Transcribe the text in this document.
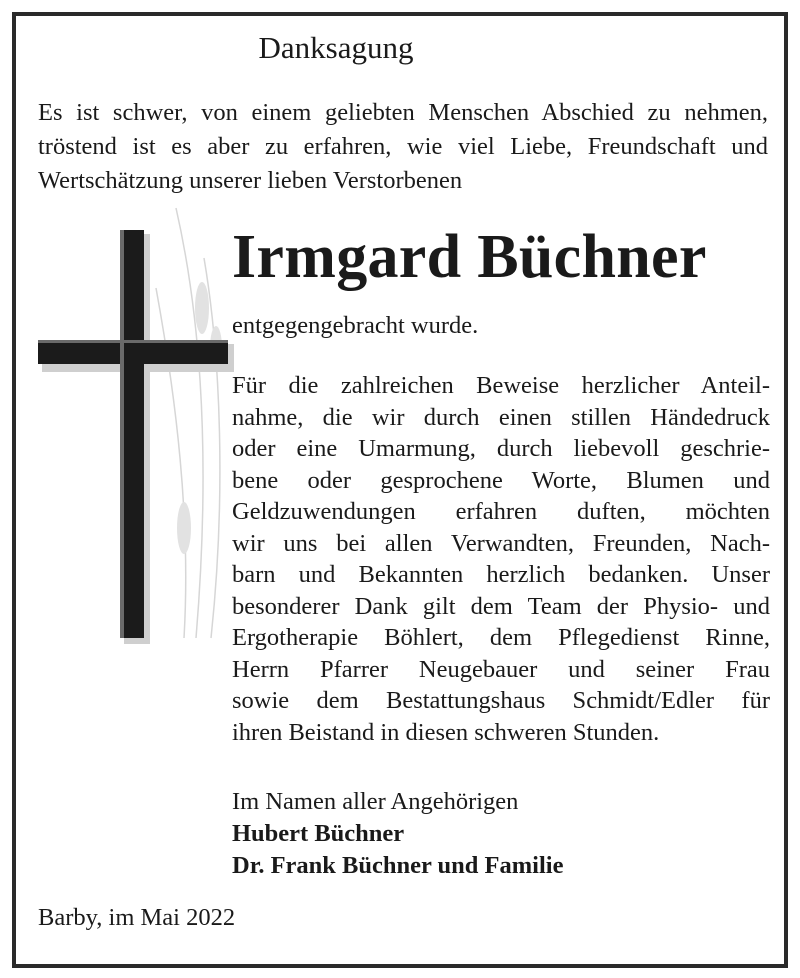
Danksagung
Es ist schwer, von einem geliebten Menschen Abschied zu nehmen, tröstend ist es aber zu erfahren, wie viel Liebe, Freundschaft und Wertschätzung unserer lieben Verstorbenen
Irmgard Büchner
entgegengebracht wurde.
Für die zahlreichen Beweise herzlicher Anteil-
nahme, die wir durch einen stillen Händedruck
oder eine Umarmung, durch liebevoll geschrie-
bene oder gesprochene Worte, Blumen und
Geldzuwendungen erfahren duften, möchten
wir uns bei allen Verwandten, Freunden, Nach-
barn und Bekannten herzlich bedanken. Unser
besonderer Dank gilt dem Team der Physio- und
Ergotherapie Böhlert, dem Pflegedienst Rinne,
Herrn Pfarrer Neugebauer und seiner Frau
sowie dem Bestattungshaus Schmidt/Edler für
ihren Beistand in diesen schweren Stunden.
Im Namen aller Angehörigen
Hubert Büchner
Dr. Frank Büchner und Familie
Barby, im Mai 2022
